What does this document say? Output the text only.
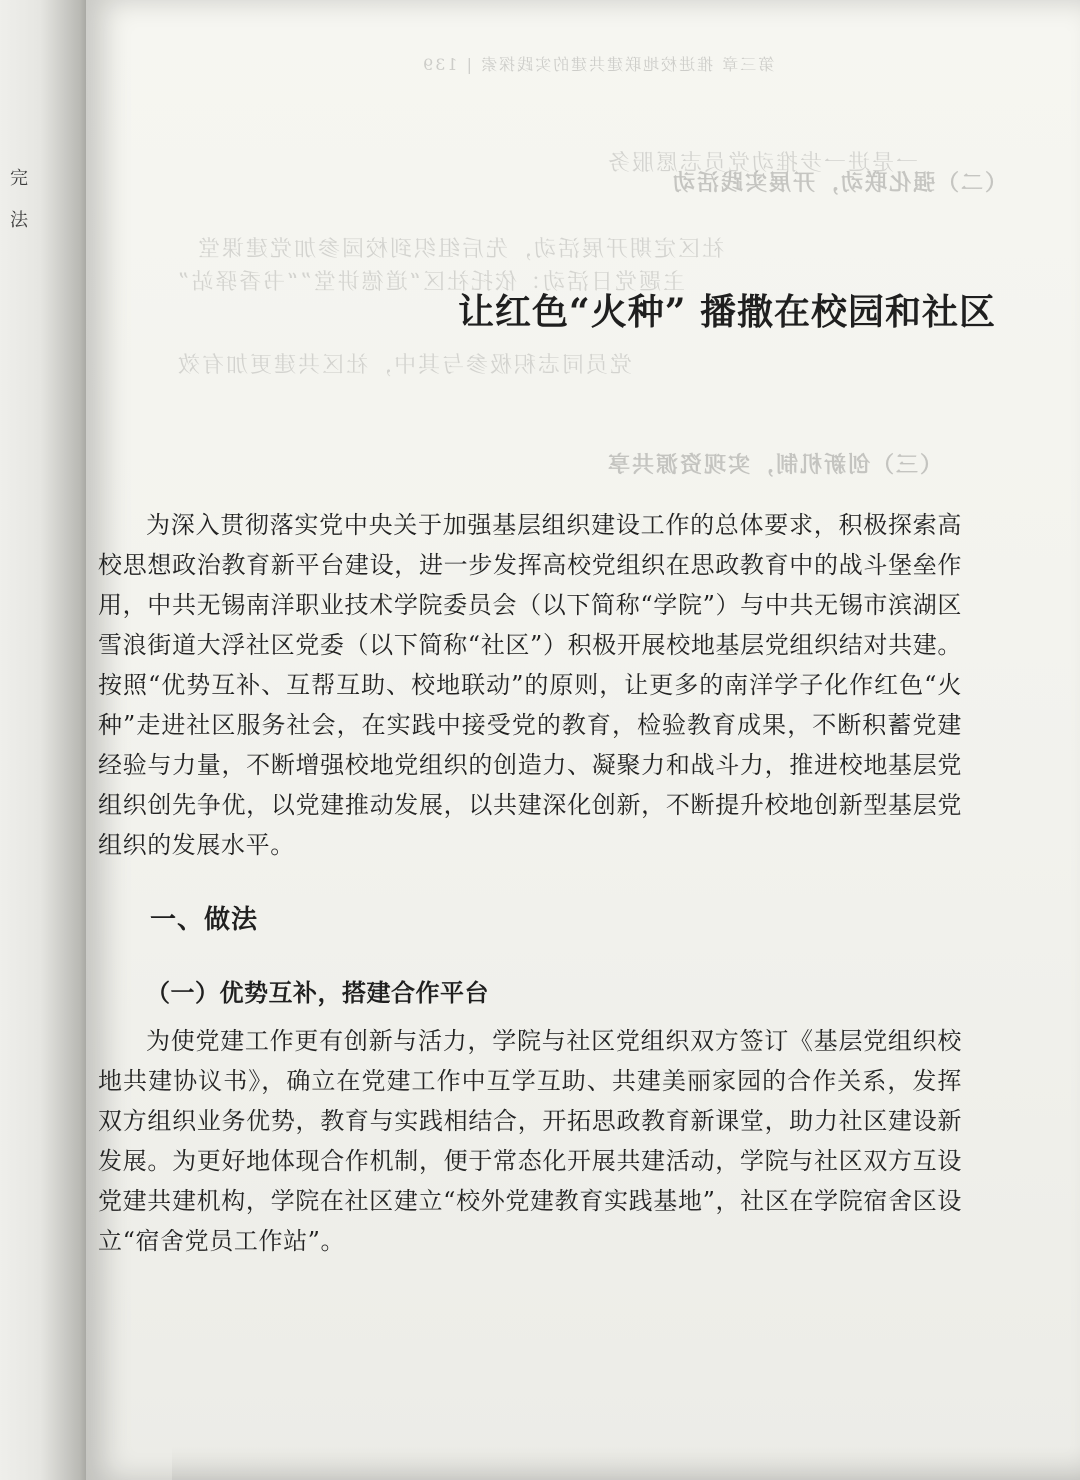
完
法
第三章 推进校地联建共建的实践探索 | 139
（二）强化联动，开展实践活动
一是进一步推动党员志愿服务
社区定期开展活动，先后组织到校园参加党建课堂
主题党日活动：依托社区“道德讲堂”“书香驿站”
党员同志积极参与其中，社区共建更加有效
（三）创新机制，实现资源共享
让红色“火种” 播撒在校园和社区

为深入贯彻落实党中央关于加强基层组织建设工作的总体要求，积极探索高校思想政治教育新平台建设，进一步发挥高校党组织在思政教育中的战斗堡垒作用，中共无锡南洋职业技术学院委员会（以下简称“学院”）与中共无锡市滨湖区雪浪街道大浮社区党委（以下简称“社区”）积极开展校地基层党组织结对共建。按照“优势互补、互帮互助、校地联动”的原则，让更多的南洋学子化作红色“火种”走进社区服务社会，在实践中接受党的教育，检验教育成果，不断积蓄党建经验与力量，不断增强校地党组织的创造力、凝聚力和战斗力，推进校地基层党组织创先争优，以党建推动发展，以共建深化创新，不断提升校地创新型基层党组织的发展水平。

一、做法
（一）优势互补，搭建合作平台

为使党建工作更有创新与活力，学院与社区党组织双方签订《基层党组织校地共建协议书》，确立在党建工作中互学互助、共建美丽家园的合作关系，发挥双方组织业务优势，教育与实践相结合，开拓思政教育新课堂，助力社区建设新发展。为更好地体现合作机制，便于常态化开展共建活动，学院与社区双方互设党建共建机构，学院在社区建立“校外党建教育实践基地”，社区在学院宿舍区设立“宿舍党员工作站”。
